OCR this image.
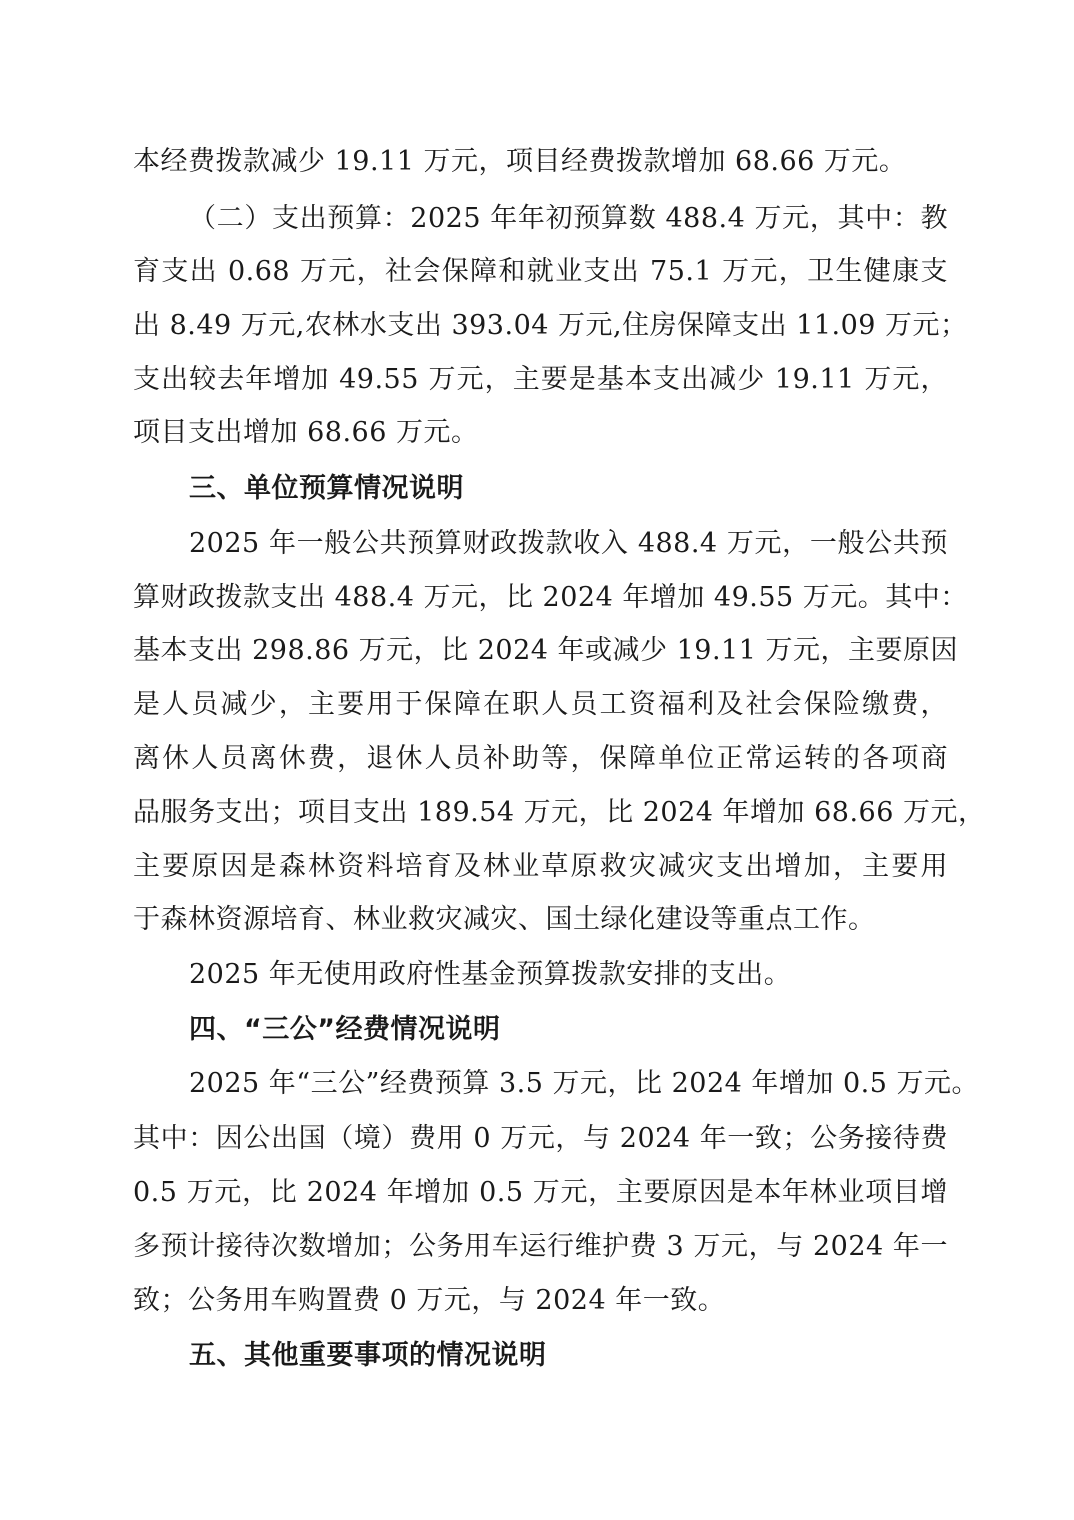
本经费拨款减少 19.11 万元，项目经费拨款增加 68.66 万元。
（二）支出预算：2025 年年初预算数 488.4 万元，其中：教
育支出 0.68 万元，社会保障和就业支出 75.1 万元，卫生健康支
出 8.49 万元,农林水支出 393.04 万元,住房保障支出 11.09 万元；
支出较去年增加 49.55 万元，主要是基本支出减少 19.11 万元，
项目支出增加 68.66 万元。
三、单位预算情况说明
2025 年一般公共预算财政拨款收入 488.4 万元，一般公共预
算财政拨款支出 488.4 万元，比 2024 年增加 49.55 万元。其中：
基本支出 298.86 万元，比 2024 年或减少 19.11 万元，主要原因
是人员减少，主要用于保障在职人员工资福利及社会保险缴费，
离休人员离休费，退休人员补助等，保障单位正常运转的各项商
品服务支出；项目支出 189.54 万元，比 2024 年增加 68.66 万元，
主要原因是森林资料培育及林业草原救灾减灾支出增加，主要用
于森林资源培育、林业救灾减灾、国土绿化建设等重点工作。
2025 年无使用政府性基金预算拨款安排的支出。
四、“三公”经费情况说明
2025 年“三公”经费预算 3.5 万元，比 2024 年增加 0.5 万元。
其中：因公出国（境）费用 0 万元，与 2024 年一致；公务接待费
0.5 万元，比 2024 年增加 0.5 万元，主要原因是本年林业项目增
多预计接待次数增加；公务用车运行维护费 3 万元，与 2024 年一
致；公务用车购置费 0 万元，与 2024 年一致。
五、其他重要事项的情况说明
